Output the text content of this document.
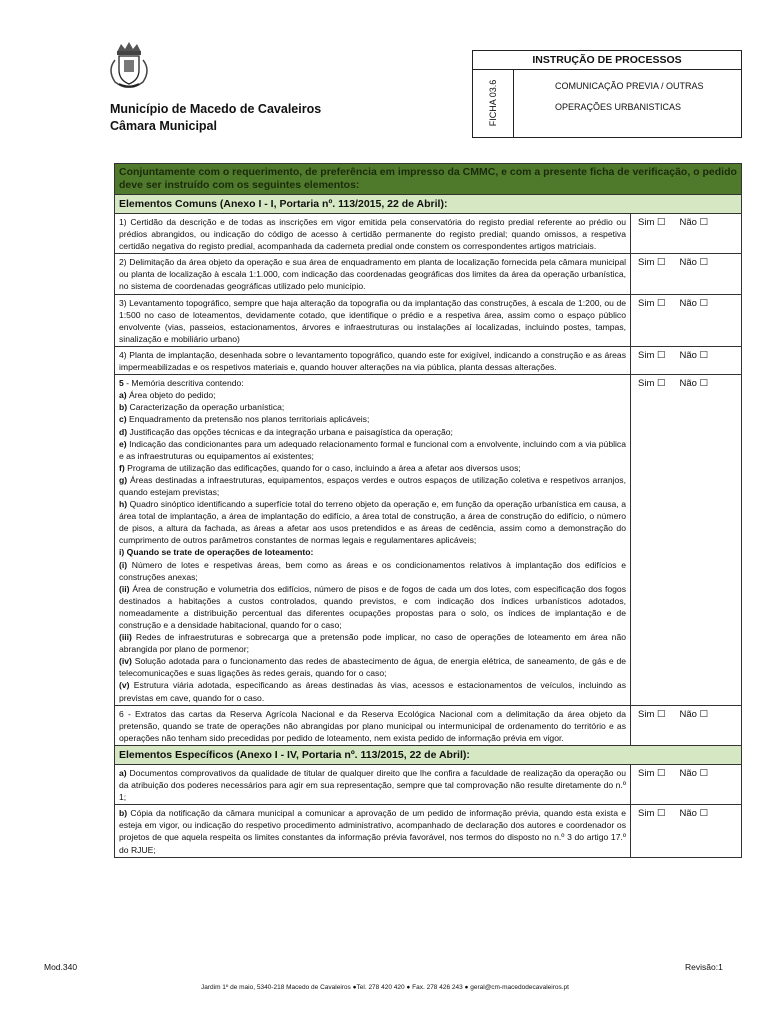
Município de Macedo de Cavaleiros
Câmara Municipal
INSTRUÇÃO DE PROCESSOS
FICHA 03.6	COMUNICAÇÃO PREVIA / OUTRAS
OPERAÇÕES URBANISTICAS
Conjuntamente com o requerimento, de preferência em impresso da CMMC, e com a presente ficha de verificação, o pedido deve ser instruído com os seguintes elementos:
Elementos Comuns (Anexo I - I, Portaria nº. 113/2015, 22 de Abril):
1) Certidão da descrição e de todas as inscrições em vigor emitida pela conservatória do registo predial referente ao prédio ou prédios abrangidos, ou indicação do código de acesso à certidão permanente do registo predial; quando omissos, a respetiva certidão negativa do registo predial, acompanhada da caderneta predial onde constem os correspondentes artigos matriciais.
Sim ☐ Não ☐
2) Delimitação da área objeto da operação e sua área de enquadramento em planta de localização fornecida pela câmara municipal ou planta de localização à escala 1:1.000, com indicação das coordenadas geográficas dos limites da área da operação urbanística, no sistema de coordenadas geográficas utilizado pelo município.
Sim ☐ Não ☐
3) Levantamento topográfico, sempre que haja alteração da topografia ou da implantação das construções, à escala de 1:200, ou de 1:500 no caso de loteamentos, devidamente cotado, que identifique o prédio e a respetiva área, assim como o espaço público envolvente (vias, passeios, estacionamentos, árvores e infraestruturas ou instalações aí localizadas, incluindo postes, tampas, sinalização e mobiliário urbano)
Sim ☐ Não ☐
4) Planta de implantação, desenhada sobre o levantamento topográfico, quando este for exigível, indicando a construção e as áreas impermeabilizadas e os respetivos materiais e, quando houver alterações na via pública, planta dessas alterações.
Sim ☐ Não ☐
5 - Memória descritiva contendo:
a) Área objeto do pedido;
b) Caracterização da operação urbanística;
c) Enquadramento da pretensão nos planos territoriais aplicáveis;
d) Justificação das opções técnicas e da integração urbana e paisagística da operação;
e) Indicação das condicionantes para um adequado relacionamento formal e funcional com a envolvente, incluindo com a via pública e as infraestruturas ou equipamentos aí existentes;
f) Programa de utilização das edificações, quando for o caso, incluindo a área a afetar aos diversos usos;
g) Áreas destinadas a infraestruturas, equipamentos, espaços verdes e outros espaços de utilização coletiva e respetivos arranjos, quando estejam previstas;
h) Quadro sinóptico identificando a superfície total do terreno objeto da operação e, em função da operação urbanística em causa, a área total de implantação, a área de implantação do edifício, a área total de construção, a área de construção do edifício, o número de pisos, a altura da fachada, as áreas a afetar aos usos pretendidos e as áreas de cedência, assim como a demonstração do cumprimento de outros parâmetros constantes de normas legais e regulamentares aplicáveis;
i) Quando se trate de operações de loteamento:
(i) Número de lotes e respetivas áreas, bem como as áreas e os condicionamentos relativos à implantação dos edifícios e construções anexas;
(ii) Área de construção e volumetria dos edifícios, número de pisos e de fogos de cada um dos lotes, com especificação dos fogos destinados a habitações a custos controlados, quando previstos, e com indicação dos índices urbanísticos adotados, nomeadamente a distribuição percentual das diferentes ocupações propostas para o solo, os índices de implantação e de construção e a densidade habitacional, quando for o caso;
(iii) Redes de infraestruturas e sobrecarga que a pretensão pode implicar, no caso de operações de loteamento em área não abrangida por plano de pormenor;
(iv) Solução adotada para o funcionamento das redes de abastecimento de água, de energia elétrica, de saneamento, de gás e de telecomunicações e suas ligações às redes gerais, quando for o caso;
(v) Estrutura viária adotada, especificando as áreas destinadas às vias, acessos e estacionamentos de veículos, incluindo as previstas em cave, quando for o caso.
Sim ☐ Não ☐
6 - Extratos das cartas da Reserva Agrícola Nacional e da Reserva Ecológica Nacional com a delimitação da área objeto da pretensão, quando se trate de operações não abrangidas por plano municipal ou intermunicipal de ordenamento do território e as operações não tenham sido precedidas por pedido de loteamento, nem exista pedido de informação prévia em vigor.
Sim ☐ Não ☐
Elementos Específicos (Anexo I - IV, Portaria nº. 113/2015, 22 de Abril):
a) Documentos comprovativos da qualidade de titular de qualquer direito que lhe confira a faculdade de realização da operação ou da atribuição dos poderes necessários para agir em sua representação, sempre que tal comprovação não resulte diretamente do n.º 1;
Sim ☐ Não ☐
b) Cópia da notificação da câmara municipal a comunicar a aprovação de um pedido de informação prévia, quando esta exista e esteja em vigor, ou indicação do respetivo procedimento administrativo, acompanhado de declaração dos autores e coordenador os projetos de que aquela respeita os limites constantes da informação prévia favorável, nos termos do disposto no n.º 3 do artigo 17.º do RJUE;
Sim ☐ Não ☐
Mod.340	Revisão:1
Jardim 1º de maio, 5340-218 Macedo de Cavaleiros ●Tel. 278 420 420 ● Fax. 278 426 243 ● geral@cm-macedodecavaleiros.pt
